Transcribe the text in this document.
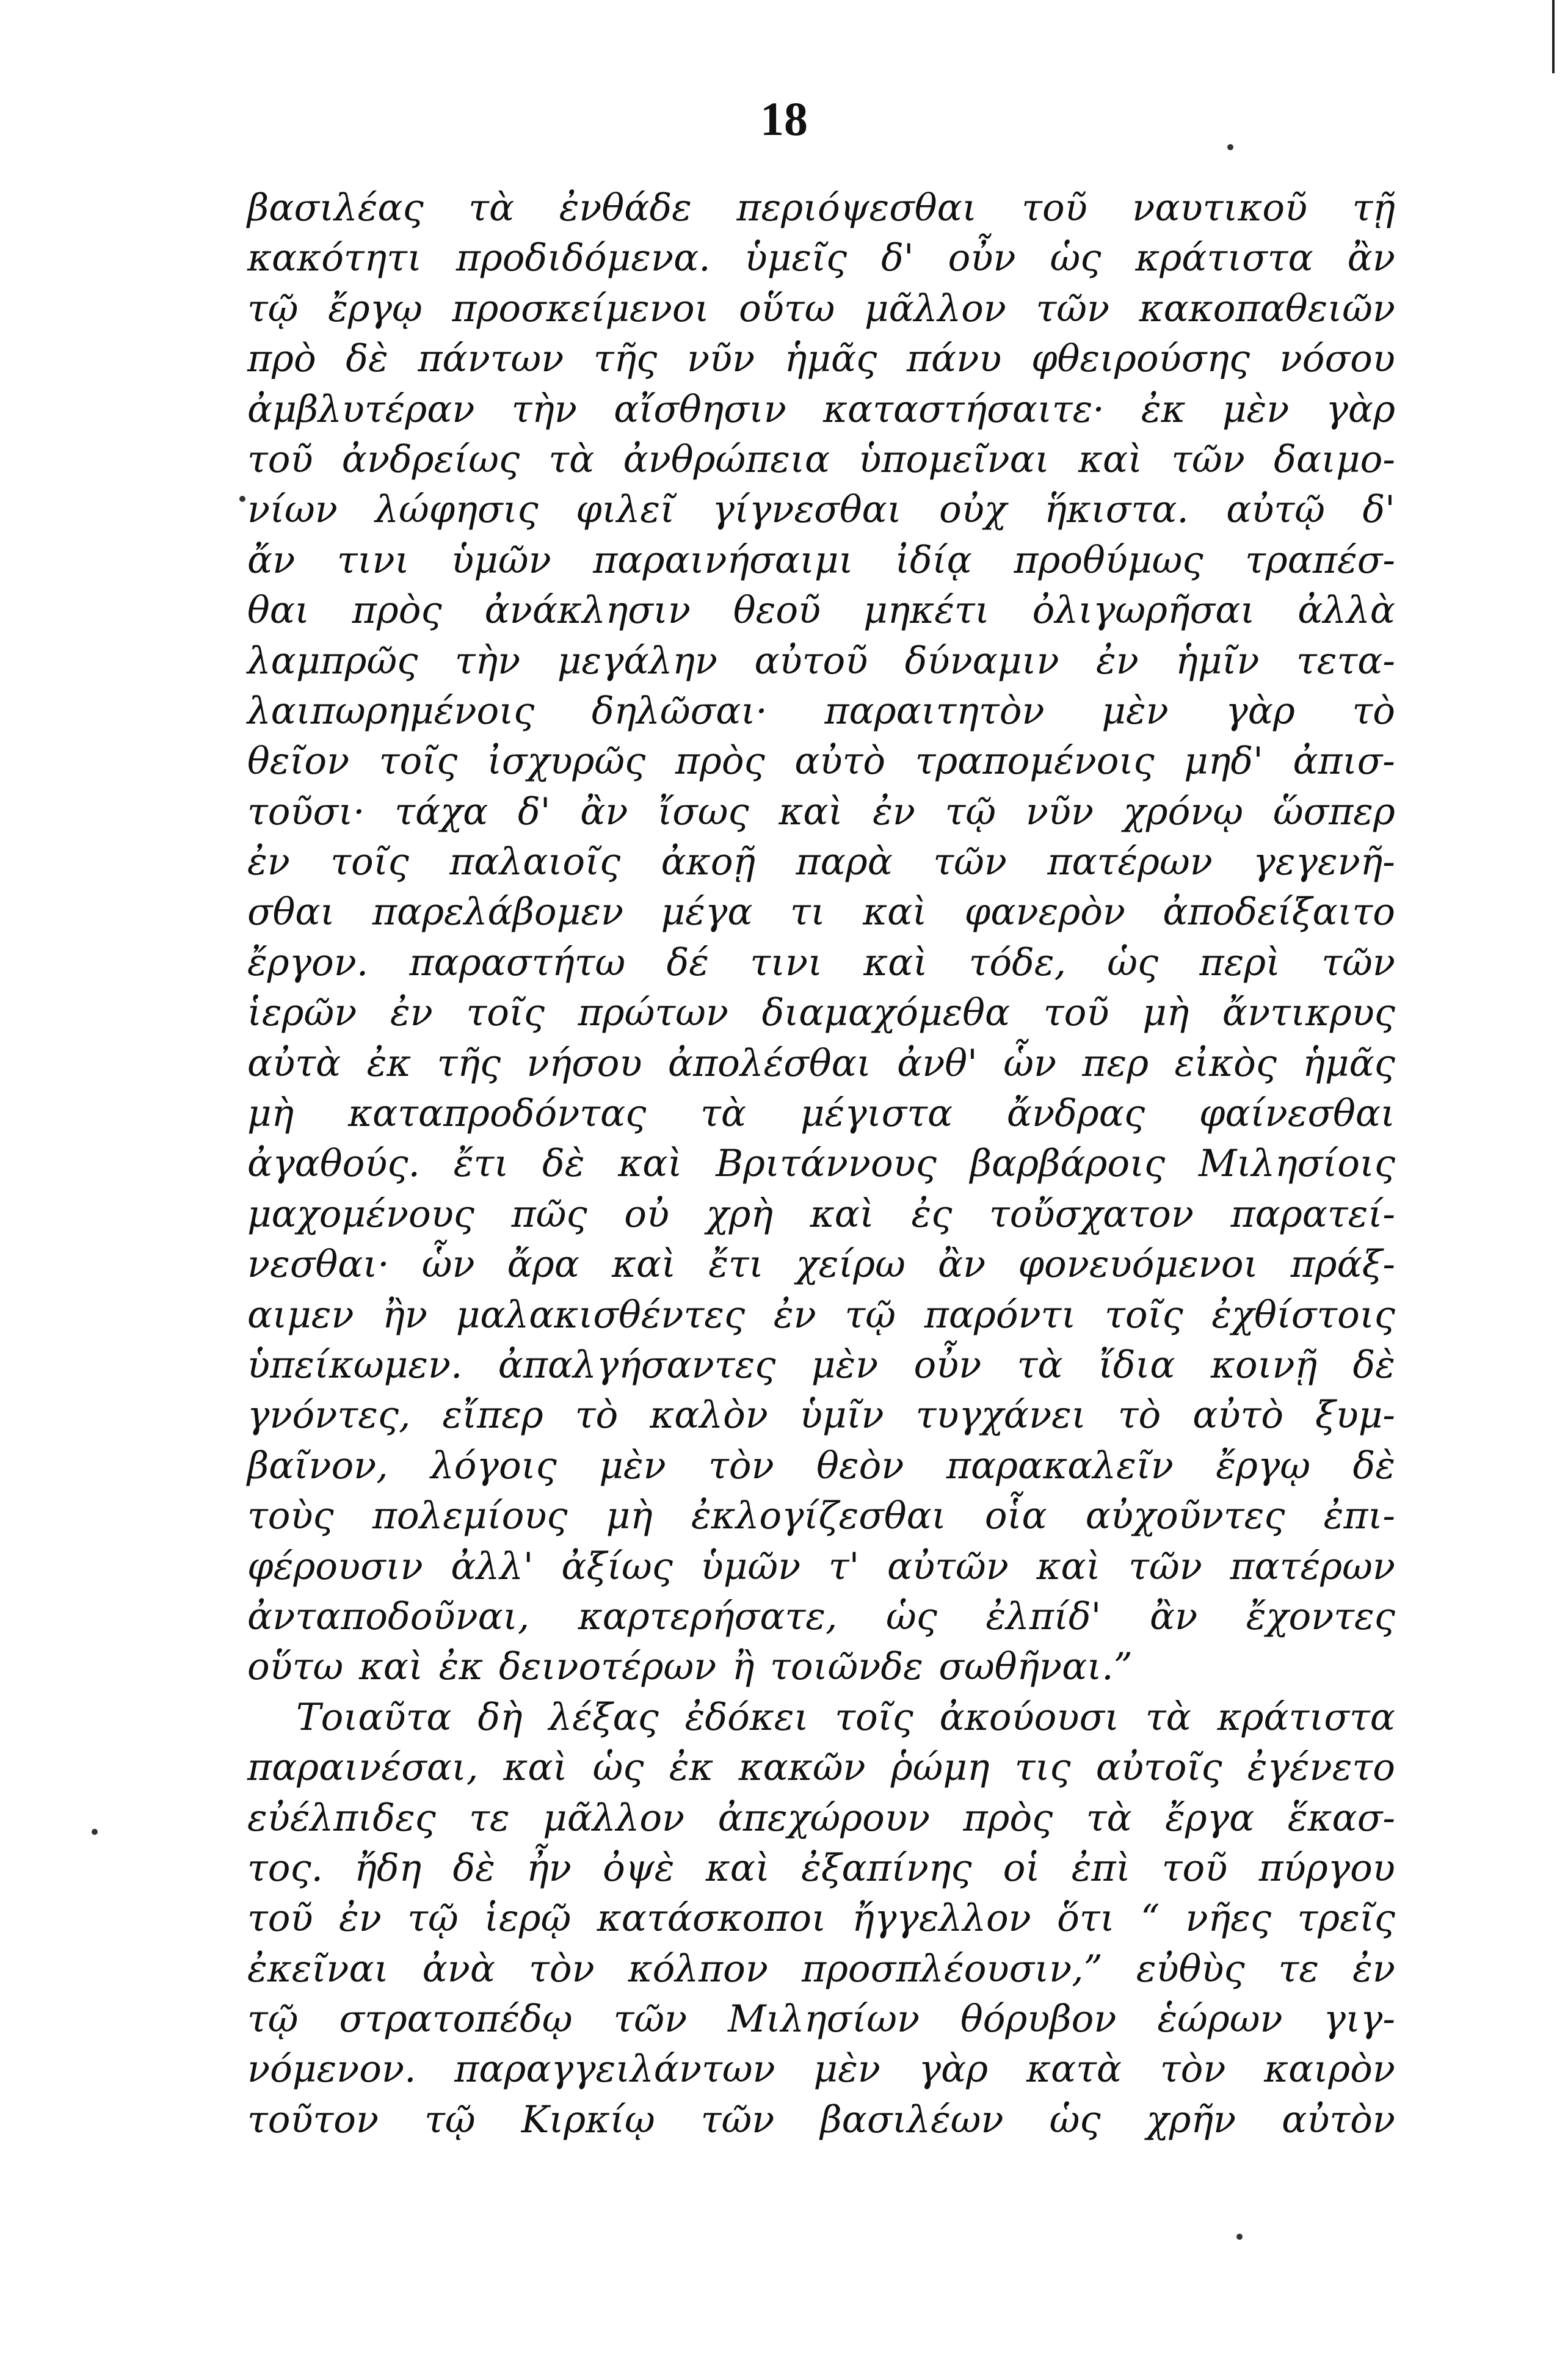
18
βασιλέας τὰ ἐνθάδε περιόψεσθαι τοῦ ναυτικοῦ τῇ
κακότητι προδιδόμενα. ὑμεῖς δ' οὖν ὡς κράτιστα ἂν
τῷ ἔργῳ προσκείμενοι οὕτω μᾶλλον τῶν κακοπαθειῶν
πρὸ δὲ πάντων τῆς νῦν ἡμᾶς πάνυ φθειρούσης νόσου
ἀμβλυτέραν τὴν αἴσθησιν καταστήσαιτε· ἐκ μὲν γὰρ
τοῦ ἀνδρείως τὰ ἀνθρώπεια ὑπομεῖναι καὶ τῶν δαιμο-
νίων λώφησις φιλεῖ γίγνεσθαι οὐχ ἥκιστα. αὐτῷ δ'
ἄν τινι ὑμῶν παραινήσαιμι ἰδίᾳ προθύμως τραπέσ-
θαι πρὸς ἀνάκλησιν θεοῦ μηκέτι ὀλιγωρῆσαι ἀλλὰ
λαμπρῶς τὴν μεγάλην αὐτοῦ δύναμιν ἐν ἡμῖν τετα-
λαιπωρημένοις δηλῶσαι· παραιτητὸν μὲν γὰρ τὸ
θεῖον τοῖς ἰσχυρῶς πρὸς αὐτὸ τραπομένοις μηδ' ἀπισ-
τοῦσι· τάχα δ' ἂν ἴσως καὶ ἐν τῷ νῦν χρόνῳ ὥσπερ
ἐν τοῖς παλαιοῖς ἀκοῇ παρὰ τῶν πατέρων γεγενῆ-
σθαι παρελάβομεν μέγα τι καὶ φανερὸν ἀποδείξαιτο
ἔργον. παραστήτω δέ τινι καὶ τόδε, ὡς περὶ τῶν
ἱερῶν ἐν τοῖς πρώτων διαμαχόμεθα τοῦ μὴ ἄντικρυς
αὐτὰ ἐκ τῆς νήσου ἀπολέσθαι ἀνθ' ὧν περ εἰκὸς ἡμᾶς
μὴ καταπροδόντας τὰ μέγιστα ἄνδρας φαίνεσθαι
ἀγαθούς. ἔτι δὲ καὶ Βριτάννους βαρβάροις Μιλησίοις
μαχομένους πῶς οὐ χρὴ καὶ ἐς τοὔσχατον παρατεί-
νεσθαι· ὧν ἄρα καὶ ἔτι χείρω ἂν φονευόμενοι πράξ-
αιμεν ἢν μαλακισθέντες ἐν τῷ παρόντι τοῖς ἐχθίστοις
ὑπείκωμεν. ἀπαλγήσαντες μὲν οὖν τὰ ἴδια κοινῇ δὲ
γνόντες, εἴπερ τὸ καλὸν ὑμῖν τυγχάνει τὸ αὐτὸ ξυμ-
βαῖνον, λόγοις μὲν τὸν θεὸν παρακαλεῖν ἔργῳ δὲ
τοὺς πολεμίους μὴ ἐκλογίζεσθαι οἷα αὐχοῦντες ἐπι-
φέρουσιν ἀλλ' ἀξίως ὑμῶν τ' αὐτῶν καὶ τῶν πατέρων
ἀνταποδοῦναι, καρτερήσατε, ὡς ἐλπίδ' ἂν ἔχοντες
οὕτω καὶ ἐκ δεινοτέρων ἢ τοιῶνδε σωθῆναι.”
Τοιαῦτα δὴ λέξας ἐδόκει τοῖς ἀκούουσι τὰ κράτιστα
παραινέσαι, καὶ ὡς ἐκ κακῶν ῥώμη τις αὐτοῖς ἐγένετο
εὐέλπιδες τε μᾶλλον ἀπεχώρουν πρὸς τὰ ἔργα ἕκασ-
τος. ἤδη δὲ ἦν ὀψὲ καὶ ἐξαπίνης οἱ ἐπὶ τοῦ πύργου
τοῦ ἐν τῷ ἱερῷ κατάσκοποι ἤγγελλον ὅτι “ νῆες τρεῖς
ἐκεῖναι ἀνὰ τὸν κόλπον προσπλέουσιν,” εὐθὺς τε ἐν
τῷ στρατοπέδῳ τῶν Μιλησίων θόρυβον ἑώρων γιγ-
νόμενον. παραγγειλάντων μὲν γὰρ κατὰ τὸν καιρὸν
τοῦτον τῷ Κιρκίῳ τῶν βασιλέων ὡς χρῆν αὐτὸν
